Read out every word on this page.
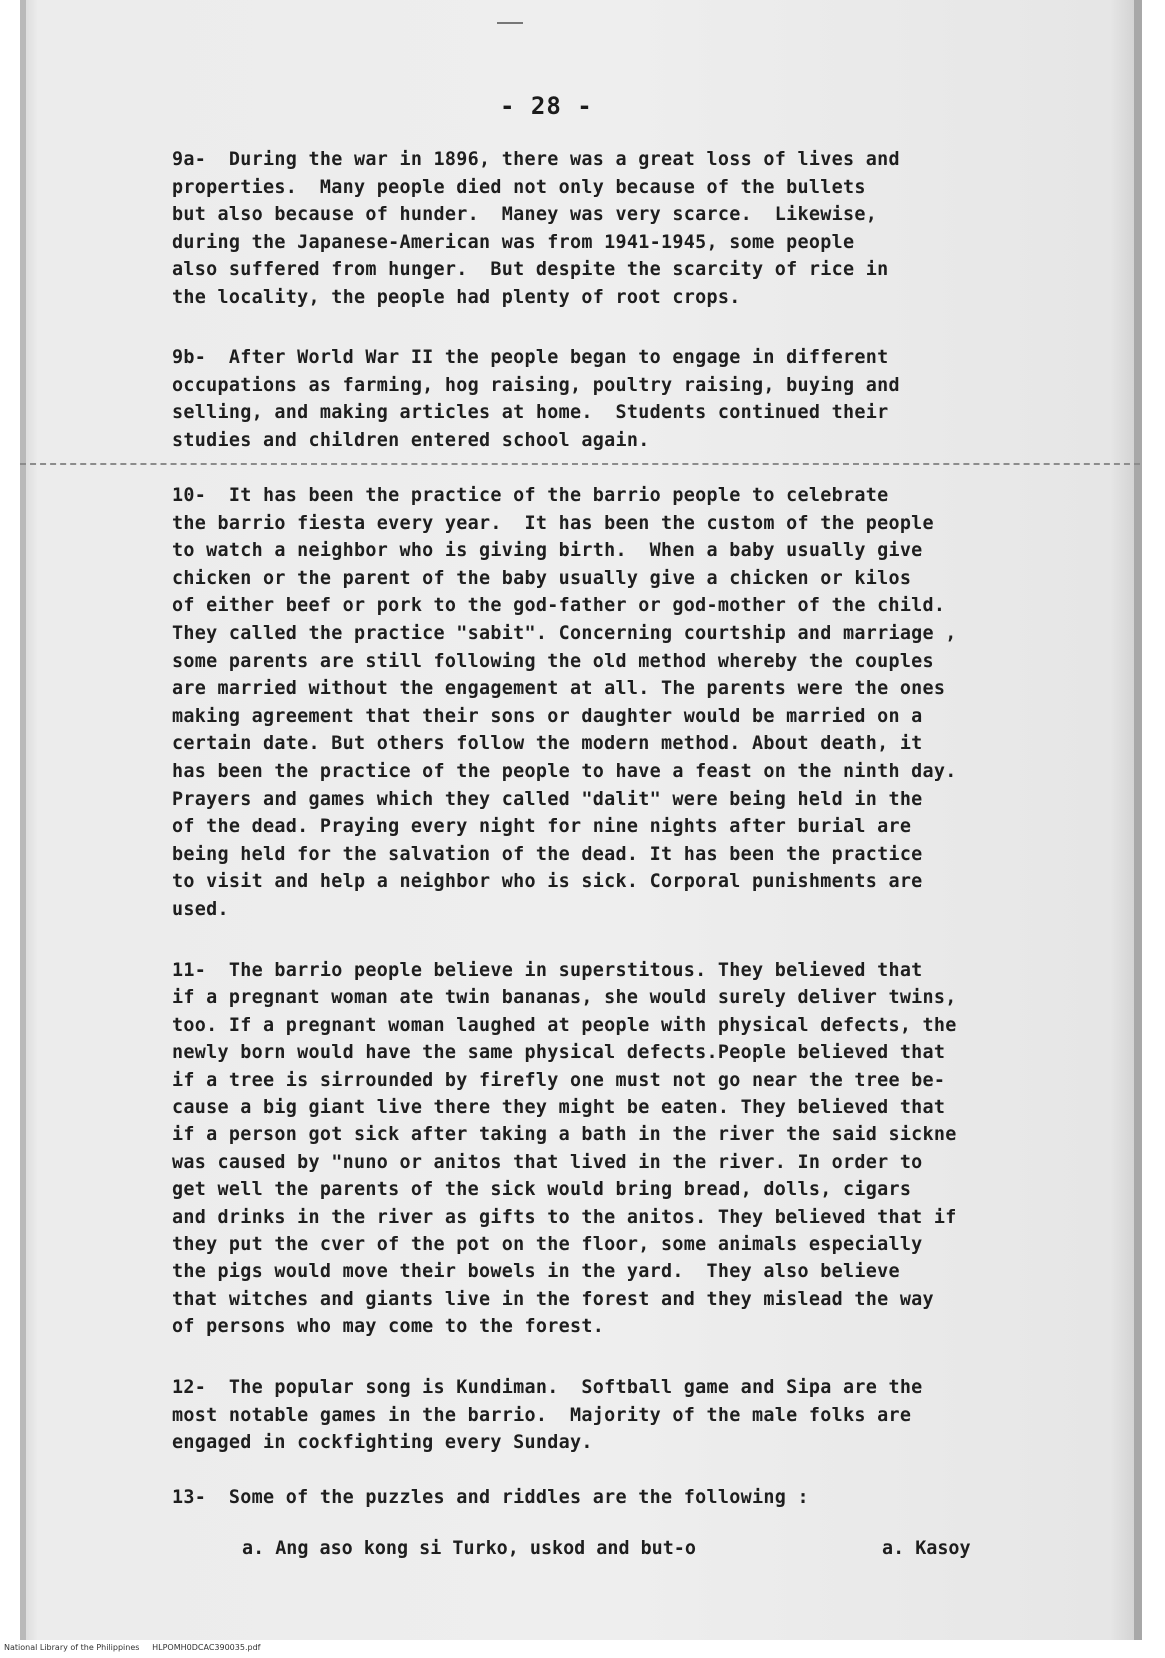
- 28 -
9a-  During the war in 1896, there was a great loss of lives and
properties.  Many people died not only because of the bullets
but also because of hunder.  Maney was very scarce.  Likewise,
during the Japanese-American was from 1941-1945, some people
also suffered from hunger.  But despite the scarcity of rice in
the locality, the people had plenty of root crops.
9b-  After World War II the people began to engage in different
occupations as farming, hog raising, poultry raising, buying and
selling, and making articles at home.  Students continued their
studies and children entered school again.
10-  It has been the practice of the barrio people to celebrate
the barrio fiesta every year.  It has been the custom of the people
to watch a neighbor who is giving birth.  When a baby usually give
chicken or the parent of the baby usually give a chicken or kilos
of either beef or pork to the god-father or god-mother of the child.
They called the practice "sabit". Concerning courtship and marriage ,
some parents are still following the old method whereby the couples
are married without the engagement at all. The parents were the ones
making agreement that their sons or daughter would be married on a
certain date. But others follow the modern method. About death, it
has been the practice of the people to have a feast on the ninth day.
Prayers and games which they called "dalit" were being held in the
of the dead. Praying every night for nine nights after burial are
being held for the salvation of the dead. It has been the practice
to visit and help a neighbor who is sick. Corporal punishments are
used.
11-  The barrio people believe in superstitous. They believed that
if a pregnant woman ate twin bananas, she would surely deliver twins,
too. If a pregnant woman laughed at people with physical defects, the
newly born would have the same physical defects.People believed that
if a tree is sirrounded by firefly one must not go near the tree be-
cause a big giant live there they might be eaten. They believed that
if a person got sick after taking a bath in the river the said sickne
was caused by "nuno or anitos that lived in the river. In order to
get well the parents of the sick would bring bread, dolls, cigars
and drinks in the river as gifts to the anitos. They believed that if
they put the cver of the pot on the floor, some animals especially
the pigs would move their bowels in the yard.  They also believe
that witches and giants live in the forest and they mislead the way
of persons who may come to the forest.
12-  The popular song is Kundiman.  Softball game and Sipa are the
most notable games in the barrio.  Majority of the male folks are
engaged in cockfighting every Sunday.
13-  Some of the puzzles and riddles are the following :
a. Ang aso kong si Turko, uskod and but-o	a. Kasoy
National Library of the Philippines     HLPOMH0DCAC390035.pdf
